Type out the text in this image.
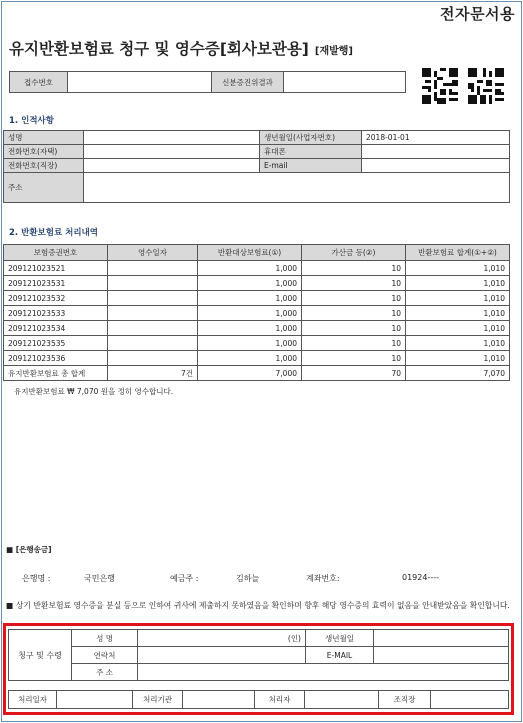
전자문서용
유지반환보험료 청구 및 영수증[회사보관용] [재발행]
접수번호		신분증진위결과	
1. 인적사항
성명		생년월일(사업자번호)	2018-01-01
전화번호(자택)		휴대폰	
전화번호(직장)		E-mail	
주소			
2. 반환보험료 처리내역
보험증권번호	영수일자	반환대상보험료(①)	가산금 등(②)	반환보험료 합계(①+②)
209121023521		1,000	10	1,010
209121023531		1,000	10	1,010
209121023532		1,000	10	1,010
209121023533		1,000	10	1,010
209121023534		1,000	10	1,010
209121023535		1,000	10	1,010
209121023536		1,000	10	1,010
유지반환보험료 총 합계	7건	7,000	70	7,070
유지반환보험료 ₩ 7,070 원을 정히 영수합니다.
■ [은행송금]
은행명 :	국민은행	예금주 :	김하늘	계좌번호:	01924----
■ 상기 반환보험료 영수증을 분실 등으로 인하여 귀사에 제출하지 못하였음을 확인하며 향후 해당 영수증의 효력이 없음을 안내받았음을 확인합니다.
청구 및 수령	성 명	(인)	생년월일	
	연락처		E-MAIL	
	주 소			
처리일자		처리기관		처리자		조직장	
